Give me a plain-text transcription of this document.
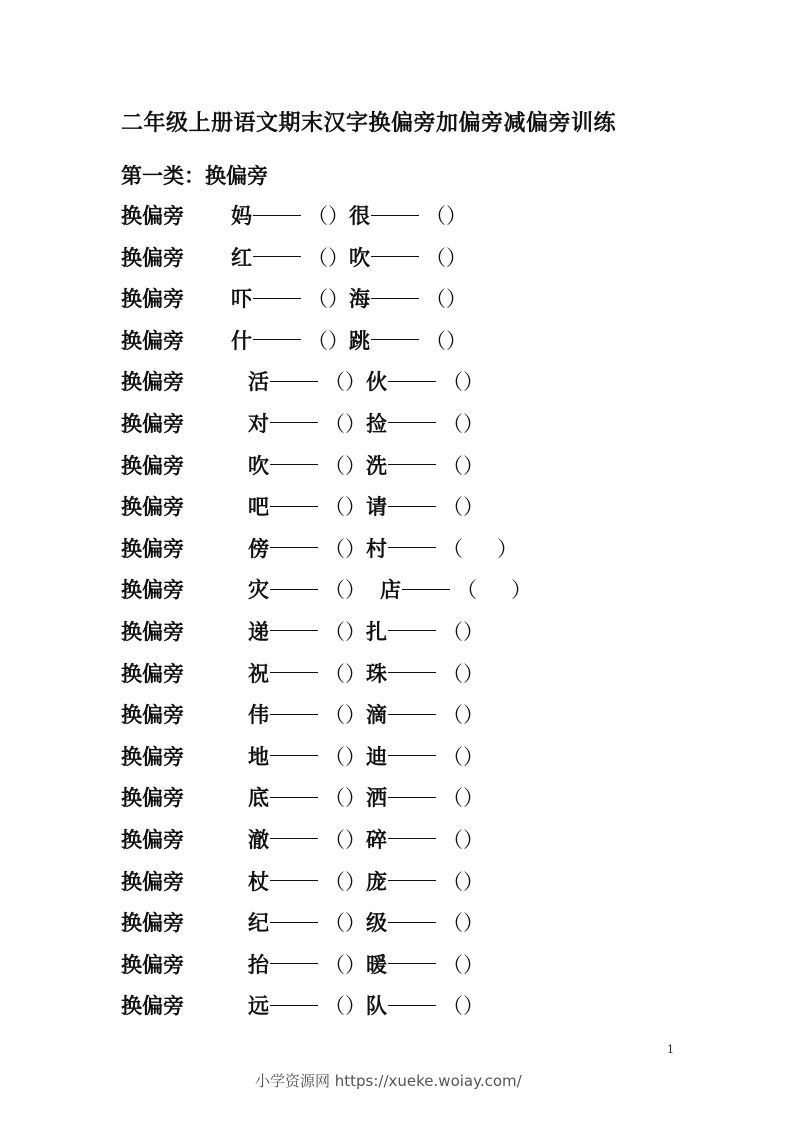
二年级上册语文期末汉字换偏旁加偏旁减偏旁训练
第一类：换偏旁
换偏旁 妈	（）很	（）
换偏旁 红	（）吹	（）
换偏旁 吓	（）海	（）
换偏旁 什	（）跳	（）
换偏旁	活	（）伙	（）
换偏旁	对	（）捡	（）
换偏旁	吹	（）洗	（）
换偏旁	吧	（）请	（）
换偏旁	傍	（）村	（ ）
换偏旁	灾	（） 店	（ ）
换偏旁	递	（）扎	（）
换偏旁	祝	（）珠	（）
换偏旁	伟	（）滴	（）
换偏旁	地	（）迪	（）
换偏旁	底	（）洒	（）
换偏旁	澈	（）碎	（）
换偏旁	杖	（）庞	（）
换偏旁	纪	（）级	（）
换偏旁	抬	（）暖	（）
换偏旁	远	（）队	（）
1
小学资源网 https://xueke.woiay.com/
